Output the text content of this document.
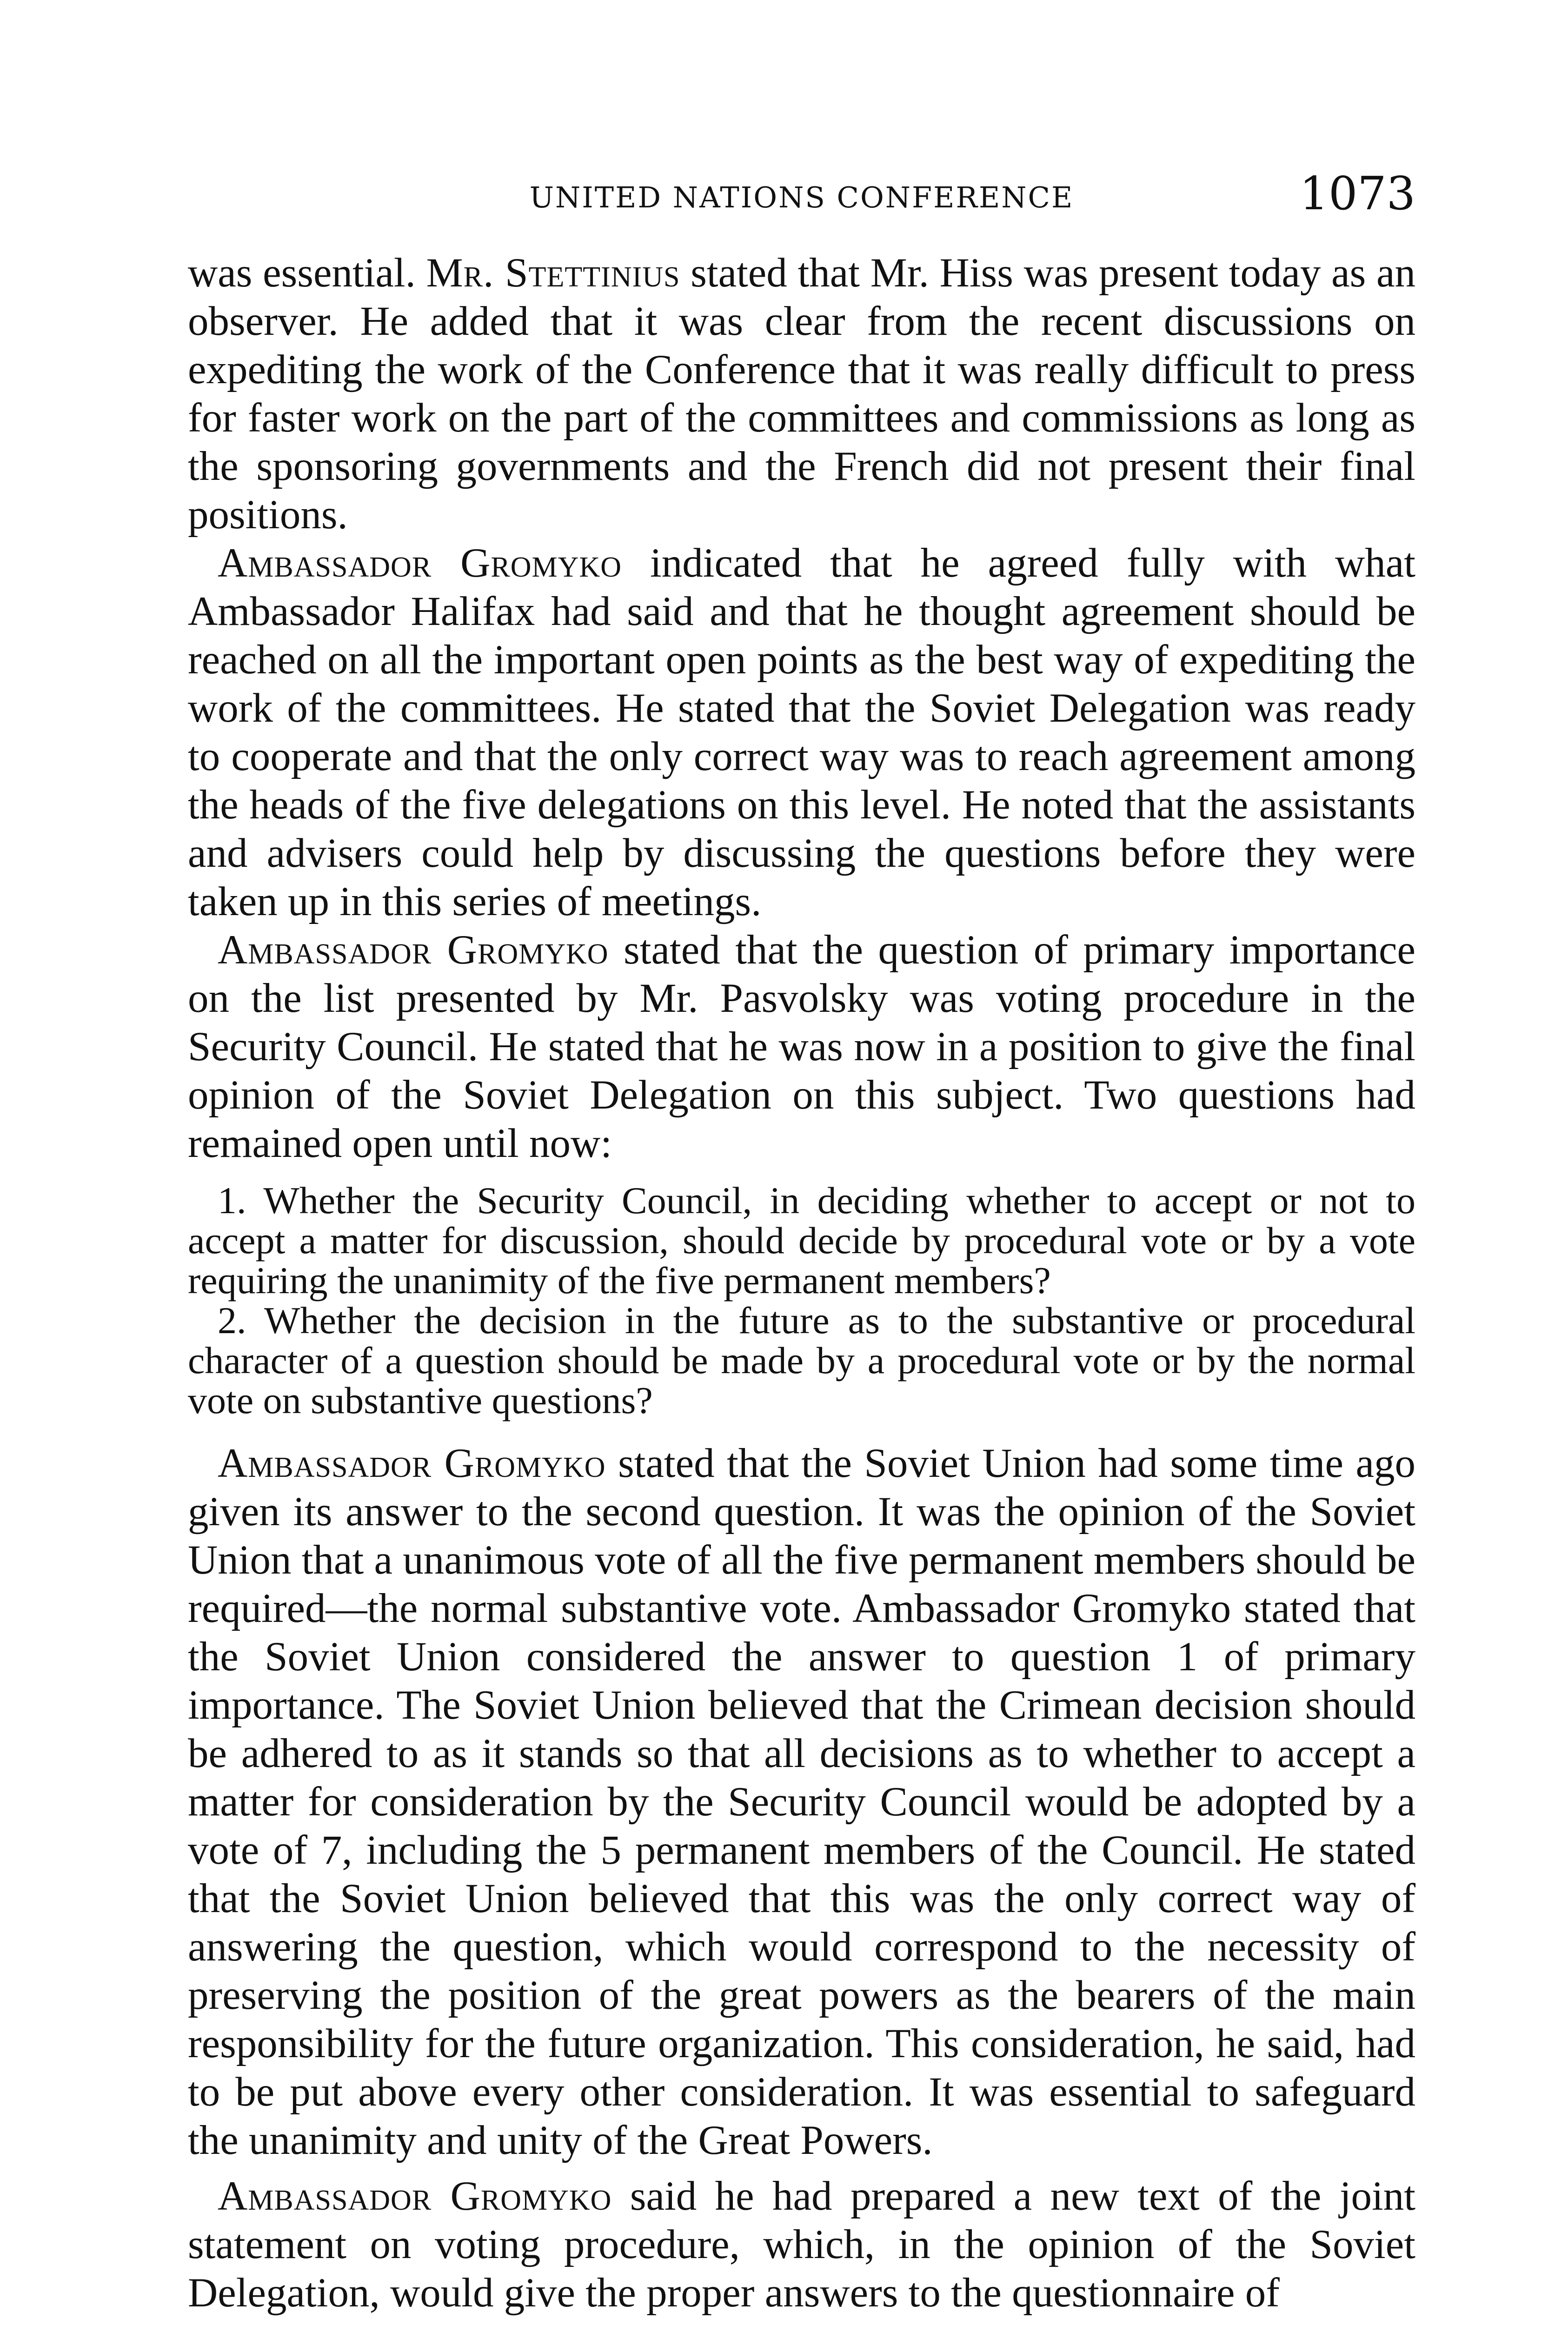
UNITED NATIONS CONFERENCE	1073

was essential. Mr. Stettinius stated that Mr. Hiss was present today as an observer. He added that it was clear from the recent discussions on expediting the work of the Conference that it was really difficult to press for faster work on the part of the committees and commissions as long as the sponsoring governments and the French did not present their final positions.

Ambassador Gromyko indicated that he agreed fully with what Ambassador Halifax had said and that he thought agreement should be reached on all the important open points as the best way of expediting the work of the committees. He stated that the Soviet Delegation was ready to cooperate and that the only correct way was to reach agreement among the heads of the five delegations on this level. He noted that the assistants and advisers could help by discussing the questions before they were taken up in this series of meetings.

Ambassador Gromyko stated that the question of primary importance on the list presented by Mr. Pasvolsky was voting procedure in the Security Council. He stated that he was now in a position to give the final opinion of the Soviet Delegation on this subject. Two questions had remained open until now:

1. Whether the Security Council, in deciding whether to accept or not to accept a matter for discussion, should decide by procedural vote or by a vote requiring the unanimity of the five permanent members?

2. Whether the decision in the future as to the substantive or procedural character of a question should be made by a procedural vote or by the normal vote on substantive questions?

Ambassador Gromyko stated that the Soviet Union had some time ago given its answer to the second question. It was the opinion of the Soviet Union that a unanimous vote of all the five permanent members should be required—the normal substantive vote. Ambassador Gromyko stated that the Soviet Union considered the answer to question 1 of primary importance. The Soviet Union believed that the Crimean decision should be adhered to as it stands so that all decisions as to whether to accept a matter for consideration by the Security Council would be adopted by a vote of 7, including the 5 permanent members of the Council. He stated that the Soviet Union believed that this was the only correct way of answering the question, which would correspond to the necessity of preserving the position of the great powers as the bearers of the main responsibility for the future organization. This consideration, he said, had to be put above every other consideration. It was essential to safeguard the unanimity and unity of the Great Powers.

Ambassador Gromyko said he had prepared a new text of the joint statement on voting procedure, which, in the opinion of the Soviet Delegation, would give the proper answers to the questionnaire of
